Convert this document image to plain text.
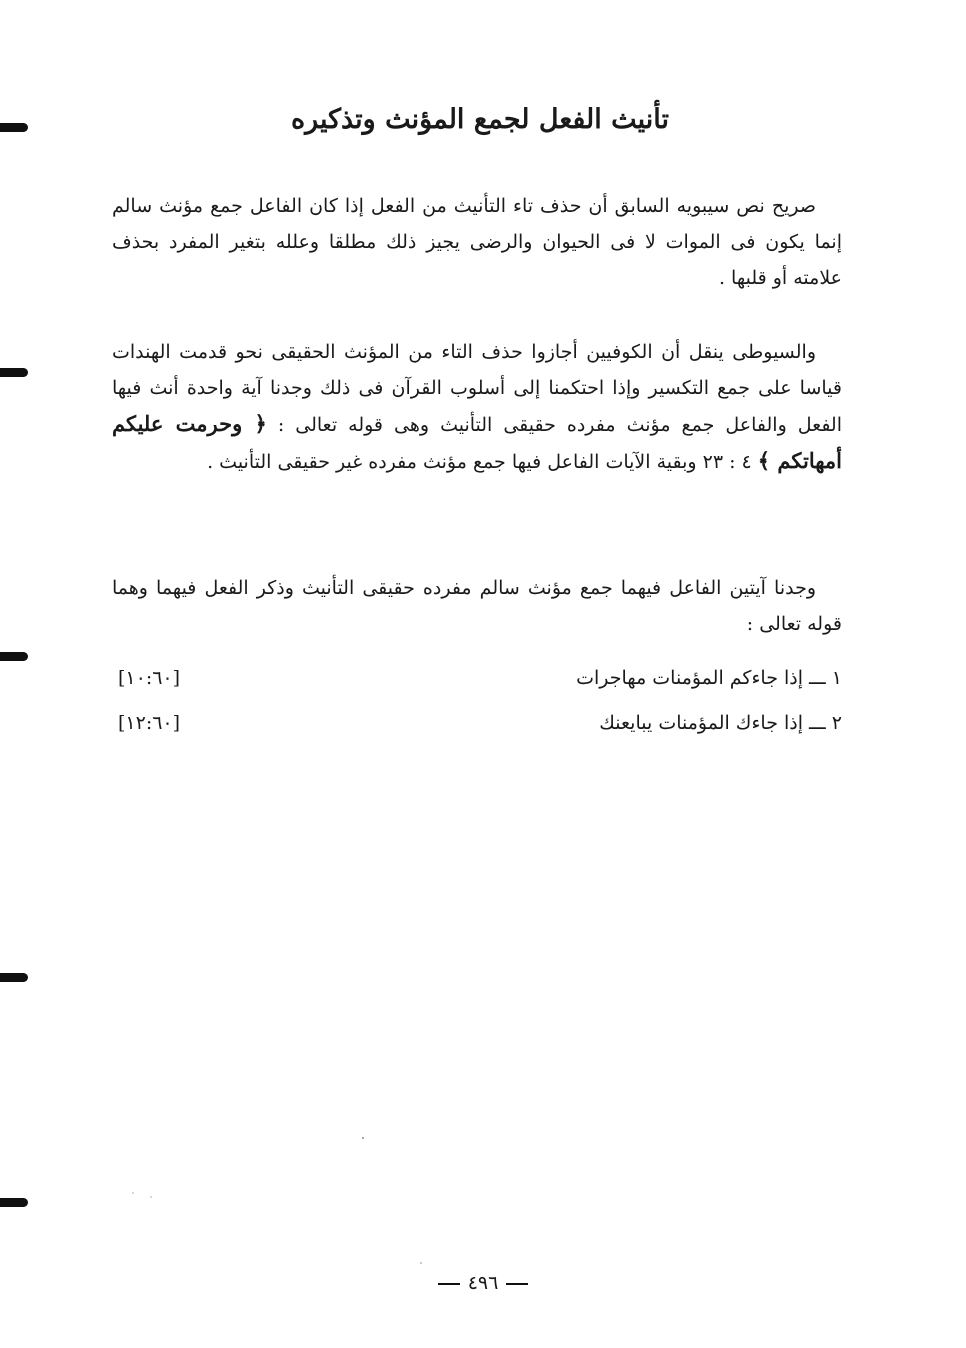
تأنيث الفعل لجمع المؤنث وتذكيره
صريح نص سيبويه السابق أن حذف تاء التأنيث من الفعل إذا كان الفاعل جمع مؤنث سالم إنما يكون فى الموات لا فى الحيوان والرضى يجيز ذلك مطلقا وعلله بتغير المفرد بحذف علامته أو قلبها .
والسيوطى ينقل أن الكوفيين أجازوا حذف التاء من المؤنث الحقيقى نحو قدمت الهندات قياسا على جمع التكسير وإذا احتكمنا إلى أسلوب القرآن فى ذلك وجدنا آية واحدة أنث فيها الفعل والفاعل جمع مؤنث مفرده حقيقى التأنيث وهى قوله تعالى : ﴿ وحرمت عليكم أمهاتكم ﴾ ٤ : ٢٣ وبقية الآيات الفاعل فيها جمع مؤنث مفرده غير حقيقى التأنيث .
وجدنا آيتين الفاعل فيهما جمع مؤنث سالم مفرده حقيقى التأنيث وذكر الفعل فيهما وهما قوله تعالى :
١ ـــ إذا جاءكم المؤمنات مهاجرات
[١٠:٦٠]
٢ ـــ إذا جاءك المؤمنات يبايعنك
[١٢:٦٠]
٤٩٦
